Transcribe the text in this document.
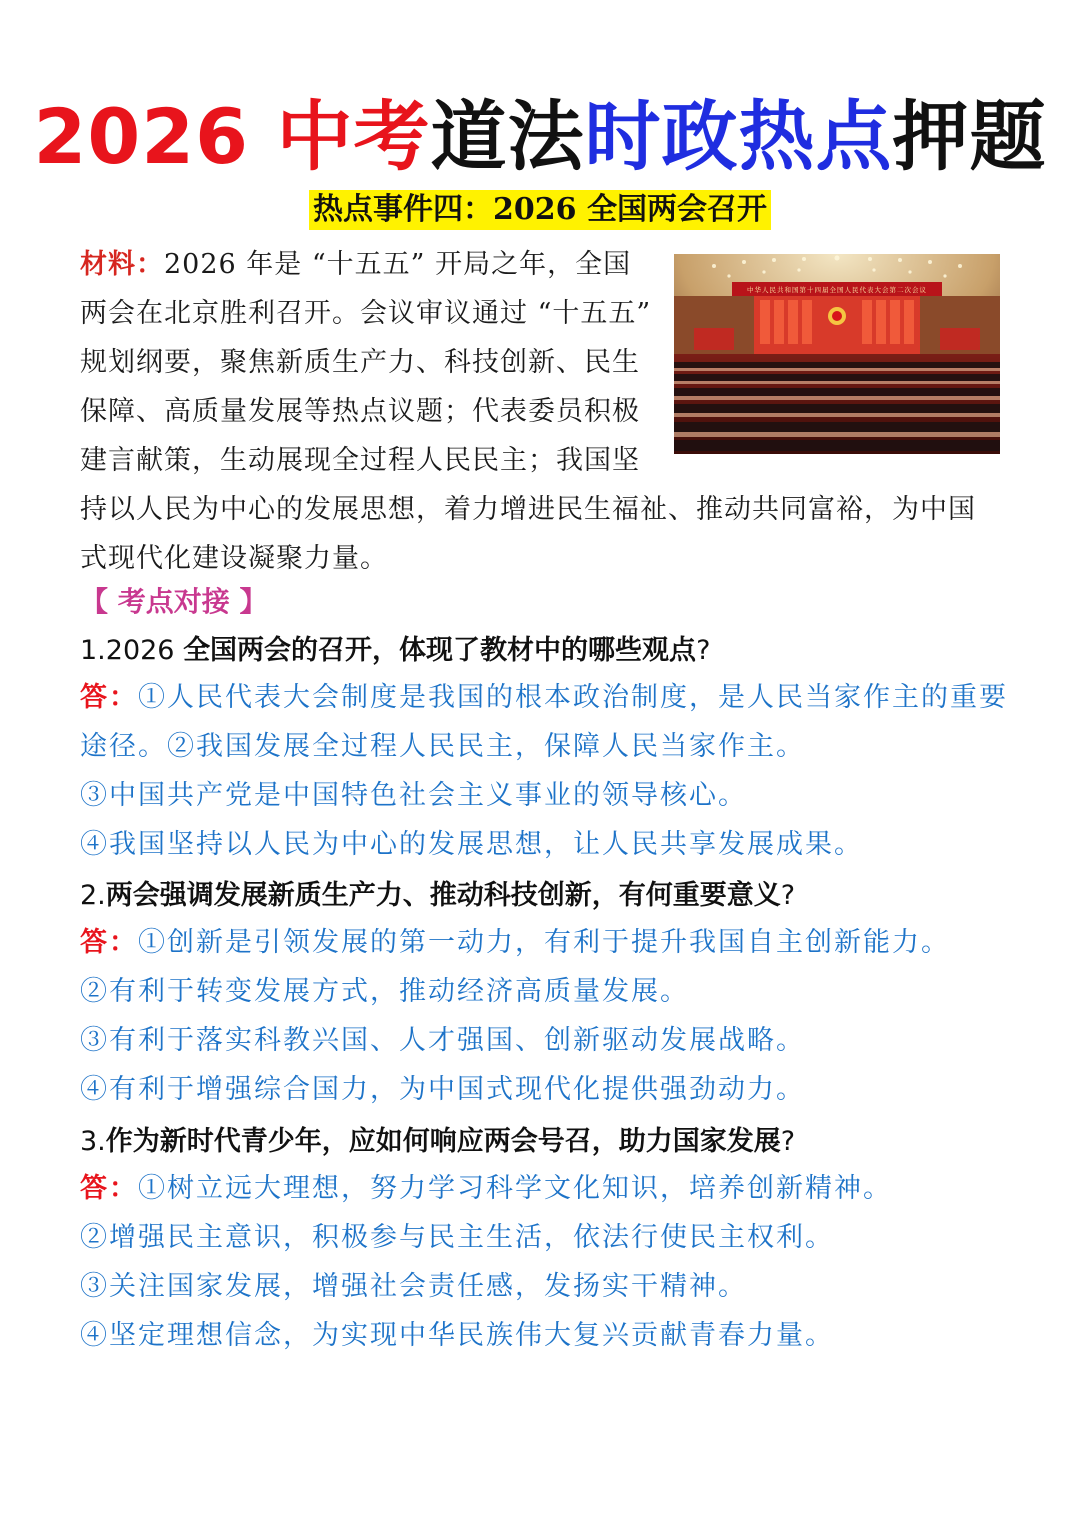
2026 中考道法时政热点押题
热点事件四：2026 全国两会召开
中华人民共和国第十四届全国人民代表大会第二次会议
材料：2026 年是 “十五五” 开局之年，全国两会在北京胜利召开。会议审议通过 “十五五” 规划纲要，聚焦新质生产力、科技创新、民生保障、高质量发展等热点议题；代表委员积极建言献策，生动展现全过程人民民主；我国坚持以人民为中心的发展思想，着力增进民生福祉、推动共同富裕，为中国式现代化建设凝聚力量。
【 考点对接 】
1.2026 全国两会的召开，体现了教材中的哪些观点?
答：①人民代表大会制度是我国的根本政治制度，是人民当家作主的重要途径。②我国发展全过程人民民主，保障人民当家作主。
③中国共产党是中国特色社会主义事业的领导核心。
④我国坚持以人民为中心的发展思想，让人民共享发展成果。
2.两会强调发展新质生产力、推动科技创新，有何重要意义?
答：①创新是引领发展的第一动力，有利于提升我国自主创新能力。
②有利于转变发展方式，推动经济高质量发展。
③有利于落实科教兴国、人才强国、创新驱动发展战略。
④有利于增强综合国力，为中国式现代化提供强劲动力。
3.作为新时代青少年，应如何响应两会号召，助力国家发展?
答：①树立远大理想，努力学习科学文化知识，培养创新精神。
②增强民主意识，积极参与民主生活，依法行使民主权利。
③关注国家发展，增强社会责任感，发扬实干精神。
④坚定理想信念，为实现中华民族伟大复兴贡献青春力量。
